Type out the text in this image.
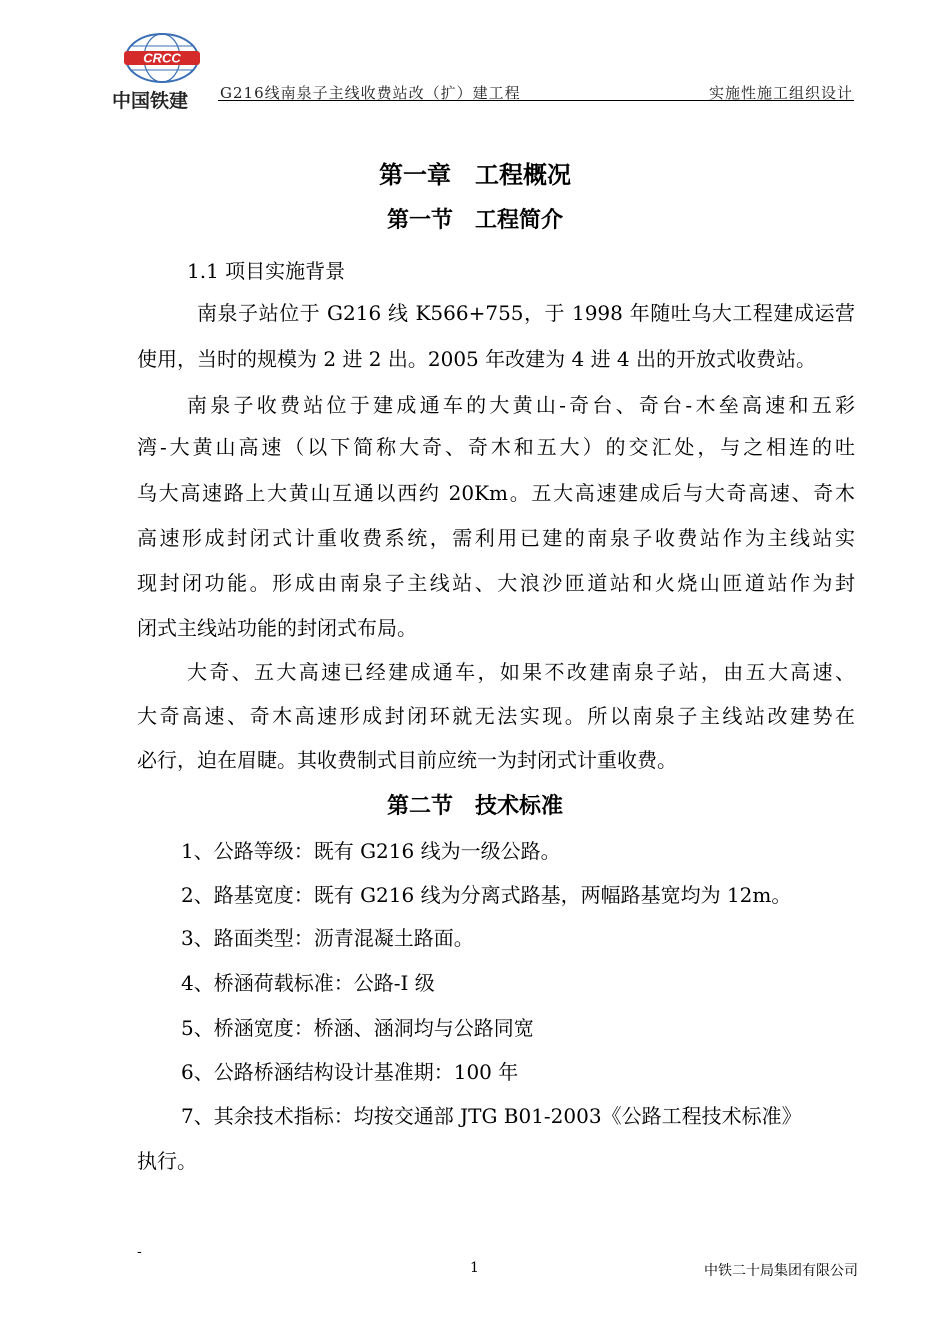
CRCC
中国铁建	G216线南泉子主线收费站改（扩）建工程	实施性施工组织设计
第一章　工程概况
第一节　工程简介
1.1 项目实施背景
南泉子站位于 G216 线 K566+755，于 1998 年随吐乌大工程建成运营
使用，当时的规模为 2 进 2 出。2005 年改建为 4 进 4 出的开放式收费站。
南泉子收费站位于建成通车的大黄山-奇台、奇台-木垒高速和五彩
湾-大黄山高速（以下简称大奇、奇木和五大）的交汇处，与之相连的吐
乌大高速路上大黄山互通以西约 20Km。五大高速建成后与大奇高速、奇木
高速形成封闭式计重收费系统，需利用已建的南泉子收费站作为主线站实
现封闭功能。形成由南泉子主线站、大浪沙匝道站和火烧山匝道站作为封
闭式主线站功能的封闭式布局。
大奇、五大高速已经建成通车，如果不改建南泉子站，由五大高速、
大奇高速、奇木高速形成封闭环就无法实现。所以南泉子主线站改建势在
必行，迫在眉睫。其收费制式目前应统一为封闭式计重收费。
第二节　技术标准
1、公路等级：既有 G216 线为一级公路。
2、路基宽度：既有 G216 线为分离式路基，两幅路基宽均为 12m。
3、路面类型：沥青混凝土路面。
4、桥涵荷载标准：公路-I 级
5、桥涵宽度：桥涵、涵洞均与公路同宽
6、公路桥涵结构设计基准期：100 年
7、其余技术指标：均按交通部 JTG B01-2003《公路工程技术标准》
执行。
-
1	中铁二十局集团有限公司
